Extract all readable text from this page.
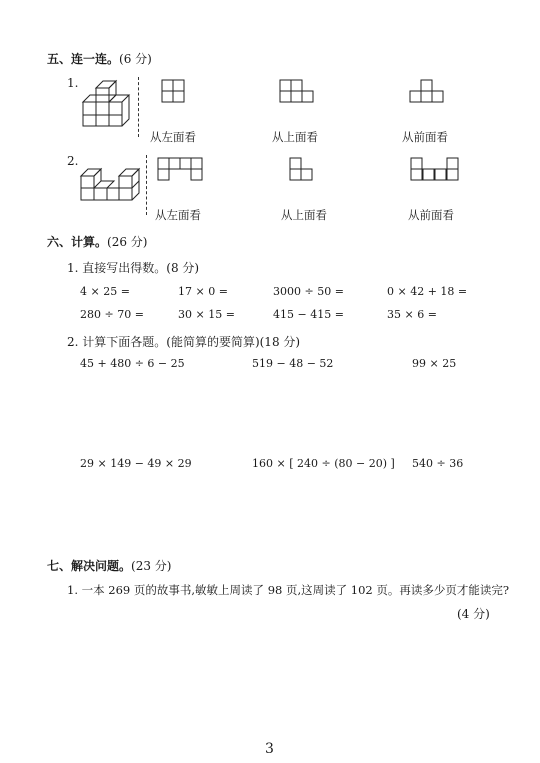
五、连一连。(6 分)
1.
2.
从左面看	从上面看	从前面看
从左面看	从上面看	从前面看
六、计算。(26 分)
1. 直接写出得数。(8 分)
4 × 25 =	17 × 0 =	3000 ÷ 50 =	0 × 42 + 18 =
280 ÷ 70 =	30 × 15 =	415 − 415 =	35 × 6 =
2. 计算下面各题。(能简算的要简算)(18 分)
45 + 480 ÷ 6 − 25	519 − 48 − 52	99 × 25
29 × 149 − 49 × 29	160 × [ 240 ÷ (80 − 20) ] 540 ÷ 36
七、解决问题。(23 分)
1. 一本 269 页的故事书,敏敏上周读了 98 页,这周读了 102 页。再读多少页才能读完?
(4 分)
3
